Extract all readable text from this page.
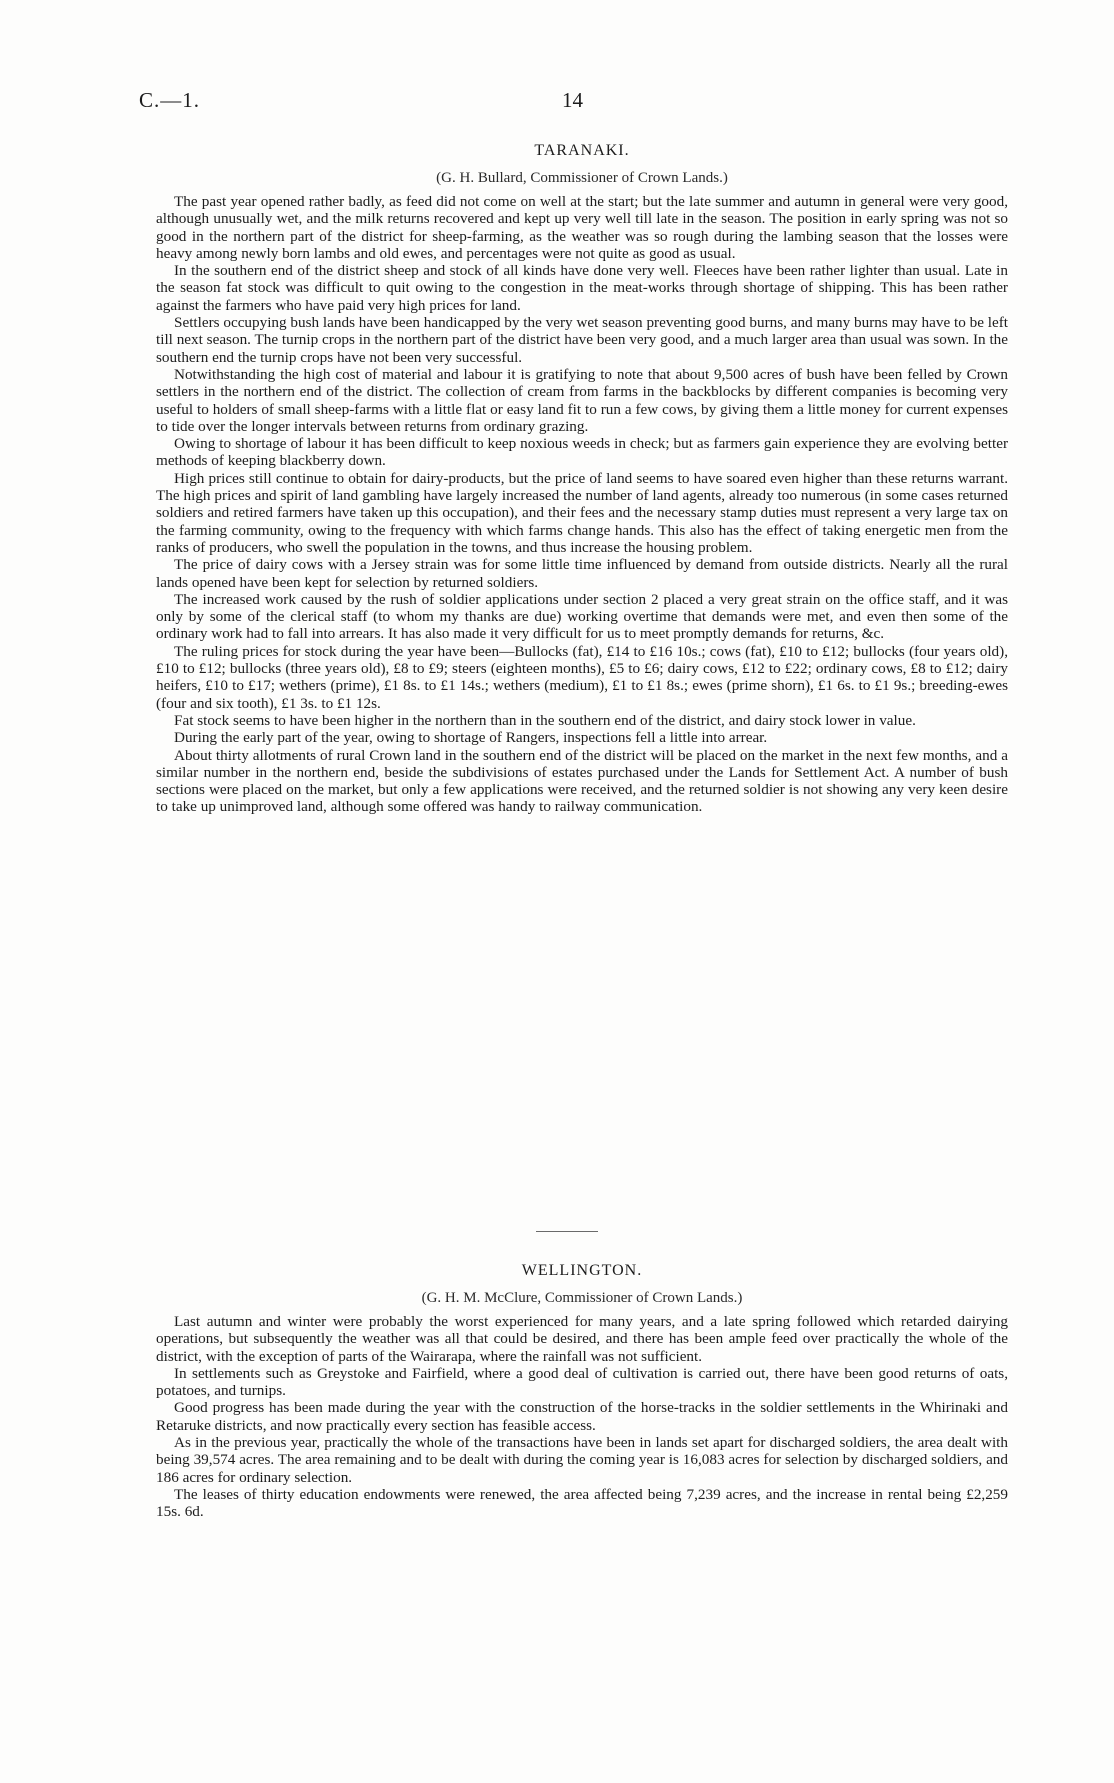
C.—1.	14
TARANAKI.
(G. H. Bullard, Commissioner of Crown Lands.)

The past year opened rather badly, as feed did not come on well at the start; but the late summer and autumn in general were very good, although unusually wet, and the milk returns recovered and kept up very well till late in the season. The position in early spring was not so good in the northern part of the district for sheep-farming, as the weather was so rough during the lambing season that the losses were heavy among newly born lambs and old ewes, and percentages were not quite as good as usual.

In the southern end of the district sheep and stock of all kinds have done very well. Fleeces have been rather lighter than usual. Late in the season fat stock was difficult to quit owing to the congestion in the meat-works through shortage of shipping. This has been rather against the farmers who have paid very high prices for land.

Settlers occupying bush lands have been handicapped by the very wet season preventing good burns, and many burns may have to be left till next season. The turnip crops in the northern part of the district have been very good, and a much larger area than usual was sown. In the southern end the turnip crops have not been very successful.

Notwithstanding the high cost of material and labour it is gratifying to note that about 9,500 acres of bush have been felled by Crown settlers in the northern end of the district. The collection of cream from farms in the backblocks by different companies is becoming very useful to holders of small sheep-farms with a little flat or easy land fit to run a few cows, by giving them a little money for current expenses to tide over the longer intervals between returns from ordinary grazing.

Owing to shortage of labour it has been difficult to keep noxious weeds in check; but as farmers gain experience they are evolving better methods of keeping blackberry down.

High prices still continue to obtain for dairy-products, but the price of land seems to have soared even higher than these returns warrant. The high prices and spirit of land gambling have largely increased the number of land agents, already too numerous (in some cases returned soldiers and retired farmers have taken up this occupation), and their fees and the necessary stamp duties must represent a very large tax on the farming community, owing to the frequency with which farms change hands. This also has the effect of taking energetic men from the ranks of producers, who swell the population in the towns, and thus increase the housing problem.

The price of dairy cows with a Jersey strain was for some little time influenced by demand from outside districts. Nearly all the rural lands opened have been kept for selection by returned soldiers.

The increased work caused by the rush of soldier applications under section 2 placed a very great strain on the office staff, and it was only by some of the clerical staff (to whom my thanks are due) working overtime that demands were met, and even then some of the ordinary work had to fall into arrears. It has also made it very difficult for us to meet promptly demands for returns, &c.

The ruling prices for stock during the year have been—Bullocks (fat), £14 to £16 10s.; cows (fat), £10 to £12; bullocks (four years old), £10 to £12; bullocks (three years old), £8 to £9; steers (eighteen months), £5 to £6; dairy cows, £12 to £22; ordinary cows, £8 to £12; dairy heifers, £10 to £17; wethers (prime), £1 8s. to £1 14s.; wethers (medium), £1 to £1 8s.; ewes (prime shorn), £1 6s. to £1 9s.; breeding-ewes (four and six tooth), £1 3s. to £1 12s.

Fat stock seems to have been higher in the northern than in the southern end of the district, and dairy stock lower in value.

During the early part of the year, owing to shortage of Rangers, inspections fell a little into arrear.

About thirty allotments of rural Crown land in the southern end of the district will be placed on the market in the next few months, and a similar number in the northern end, beside the subdivisions of estates purchased under the Lands for Settlement Act. A number of bush sections were placed on the market, but only a few applications were received, and the returned soldier is not showing any very keen desire to take up unimproved land, although some offered was handy to railway communication.

WELLINGTON.
(G. H. M. McClure, Commissioner of Crown Lands.)

Last autumn and winter were probably the worst experienced for many years, and a late spring followed which retarded dairying operations, but subsequently the weather was all that could be desired, and there has been ample feed over practically the whole of the district, with the exception of parts of the Wairarapa, where the rainfall was not sufficient.

In settlements such as Greystoke and Fairfield, where a good deal of cultivation is carried out, there have been good returns of oats, potatoes, and turnips.

Good progress has been made during the year with the construction of the horse-tracks in the soldier settlements in the Whirinaki and Retaruke districts, and now practically every section has feasible access.

As in the previous year, practically the whole of the transactions have been in lands set apart for discharged soldiers, the area dealt with being 39,574 acres. The area remaining and to be dealt with during the coming year is 16,083 acres for selection by discharged soldiers, and 186 acres for ordinary selection.

The leases of thirty education endowments were renewed, the area affected being 7,239 acres, and the increase in rental being £2,259 15s. 6d.
